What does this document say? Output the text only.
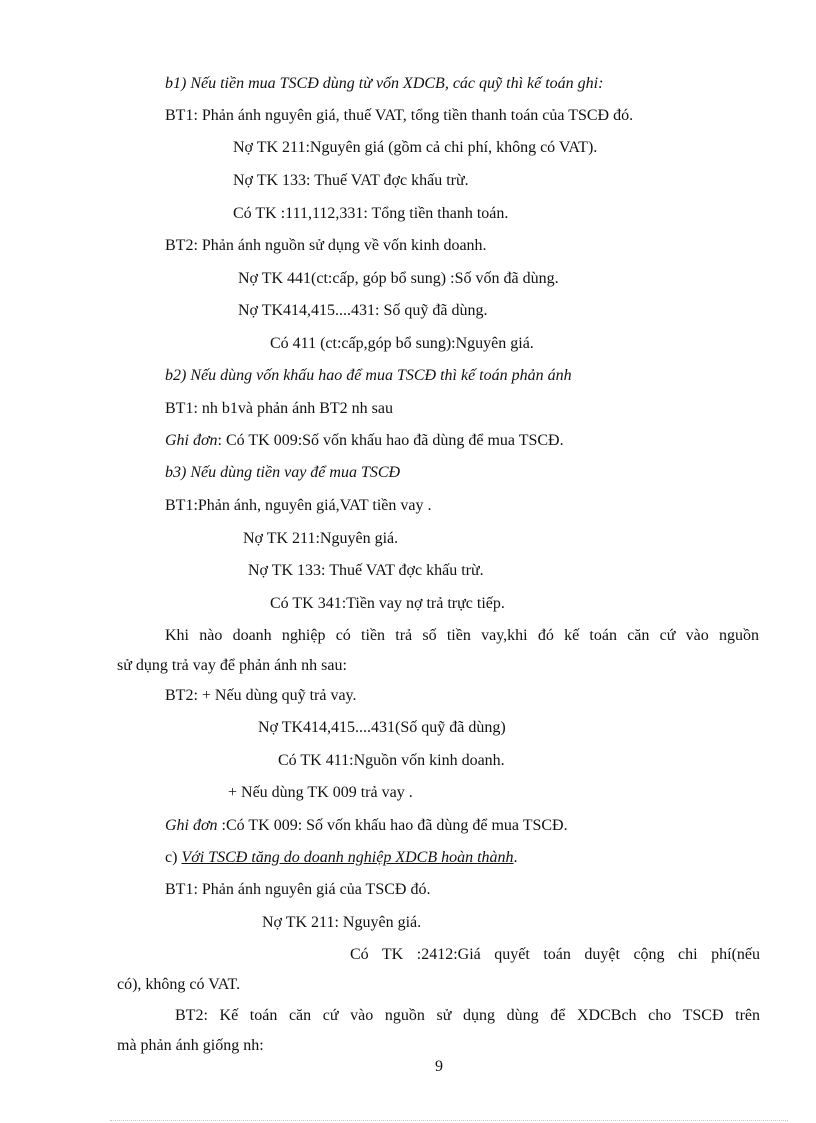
b1) Nếu tiền mua TSCĐ dùng từ vốn XDCB, các quỹ thì kế toán ghi:
BT1: Phản ánh nguyên giá, thuế VAT, tổng tiền thanh toán của TSCĐ đó.
Nợ TK 211:Nguyên giá (gồm cả chi phí, không có VAT).
Nợ TK 133: Thuế VAT đợc khấu trừ.
Có TK :111,112,331: Tổng tiền thanh toán.
BT2: Phản ánh nguồn sử dụng về vốn kinh doanh.
Nợ TK 441(ct:cấp, góp bổ sung) :Số vốn đã dùng.
Nợ TK414,415....431: Số quỹ đã dùng.
Có 411 (ct:cấp,góp bổ sung):Nguyên giá.
b2) Nếu dùng vốn khấu hao để mua TSCĐ thì kế toán phản ánh
BT1: nh b1và phản ánh BT2 nh sau
Ghi đơn: Có TK 009:Số vốn khấu hao đã dùng để mua TSCĐ.
b3) Nếu dùng tiền vay để mua TSCĐ
BT1:Phản ánh, nguyên giá,VAT tiền vay .
Nợ TK 211:Nguyên giá.
Nợ TK 133: Thuế VAT đợc khấu trừ.
Có TK 341:Tiền vay nợ trả trực tiếp.
Khi nào doanh nghiệp có tiền trả số tiền vay,khi đó kế toán căn cứ vào nguồn
sử dụng trả vay để phản ánh nh sau:
BT2: + Nếu dùng quỹ trả vay.
Nợ TK414,415....431(Số quỹ đã dùng)
Có TK 411:Nguồn vốn kinh doanh.
+ Nếu dùng TK 009 trả vay .
Ghi đơn :Có TK 009: Số vốn khấu hao đã dùng để mua TSCĐ.
c) Với TSCĐ tăng do doanh nghiệp XDCB hoàn thành.
BT1: Phản ánh nguyên giá của TSCĐ đó.
Nợ TK 211: Nguyên giá.
Có TK :2412:Giá quyết toán duyệt cộng chi phí(nếu
có), không có VAT.
BT2: Kế toán căn cứ vào nguồn sử dụng dùng để XDCBch cho TSCĐ trên
mà phản ánh giống nh:
9
